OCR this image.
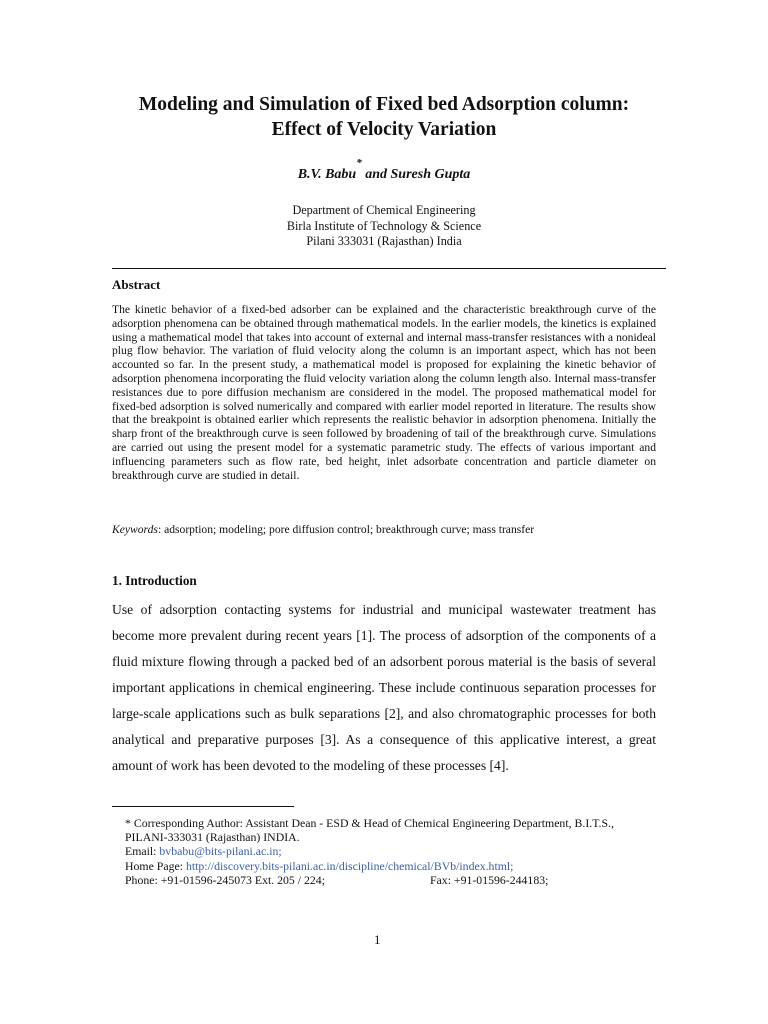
Modeling and Simulation of Fixed bed Adsorption column:
Effect of Velocity Variation
B.V. Babu* and Suresh Gupta
Department of Chemical Engineering
Birla Institute of Technology & Science
Pilani 333031 (Rajasthan) India
Abstract
The kinetic behavior of a fixed-bed adsorber can be explained and the characteristic breakthrough curve of the adsorption phenomena can be obtained through mathematical models. In the earlier models, the kinetics is explained using a mathematical model that takes into account of external and internal mass-transfer resistances with a nonideal plug flow behavior. The variation of fluid velocity along the column is an important aspect, which has not been accounted so far. In the present study, a mathematical model is proposed for explaining the kinetic behavior of adsorption phenomena incorporating the fluid velocity variation along the column length also. Internal mass-transfer resistances due to pore diffusion mechanism are considered in the model. The proposed mathematical model for fixed-bed adsorption is solved numerically and compared with earlier model reported in literature. The results show that the breakpoint is obtained earlier which represents the realistic behavior in adsorption phenomena. Initially the sharp front of the breakthrough curve is seen followed by broadening of tail of the breakthrough curve. Simulations are carried out using the present model for a systematic parametric study. The effects of various important and influencing parameters such as flow rate, bed height, inlet adsorbate concentration and particle diameter on breakthrough curve are studied in detail.
Keywords: adsorption; modeling; pore diffusion control; breakthrough curve; mass transfer
1. Introduction
Use of adsorption contacting systems for industrial and municipal wastewater treatment has become more prevalent during recent years [1]. The process of adsorption of the components of a fluid mixture flowing through a packed bed of an adsorbent porous material is the basis of several important applications in chemical engineering. These include continuous separation processes for large-scale applications such as bulk separations [2], and also chromatographic processes for both analytical and preparative purposes [3]. As a consequence of this applicative interest, a great amount of work has been devoted to the modeling of these processes [4].
* Corresponding Author: Assistant Dean - ESD & Head of Chemical Engineering Department, B.I.T.S.,
PILANI-333031 (Rajasthan) INDIA.
Email: bvbabu@bits-pilani.ac.in;
Home Page: http://discovery.bits-pilani.ac.in/discipline/chemical/BVb/index.html;
Phone: +91-01596-245073 Ext. 205 / 224;	Fax: +91-01596-244183;
1
